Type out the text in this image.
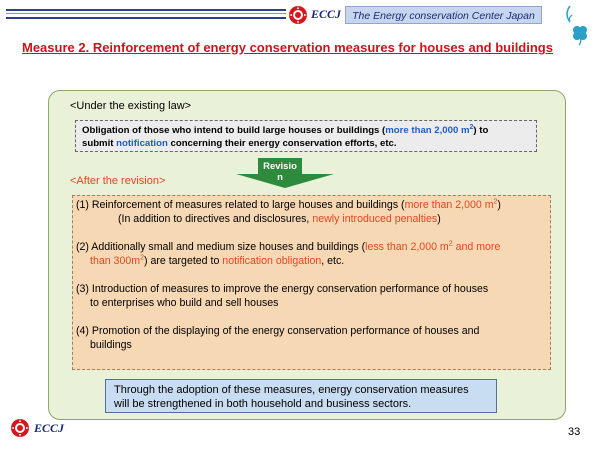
ECCJ	The Energy conservation Center Japan
Measure 2. Reinforcement of energy conservation measures for houses and buildings
<Under the existing law>
Obligation of those who intend to build large houses or buildings (more than 2,000 $m^2$) to
submit notification concerning their energy conservation efforts, etc.
<After the revision>
Revisio
n
(1) Reinforcement of measures related to large houses and buildings (more than 2,000 $m^2$)
(In addition to directives and disclosures, newly introduced penalties)
(2) Additionally small and medium size houses and buildings (less than 2,000 $m^2$ and more
than $300m^2$) are targeted to notification obligation, etc.
(3) Introduction of measures to improve the energy conservation performance of houses
to enterprises who build and sell houses
(4) Promotion of the displaying of the energy conservation performance of houses and
buildings
Through the adoption of these measures, energy conservation measures
will be strengthened in both household and business sectors.
ECCJ	33
